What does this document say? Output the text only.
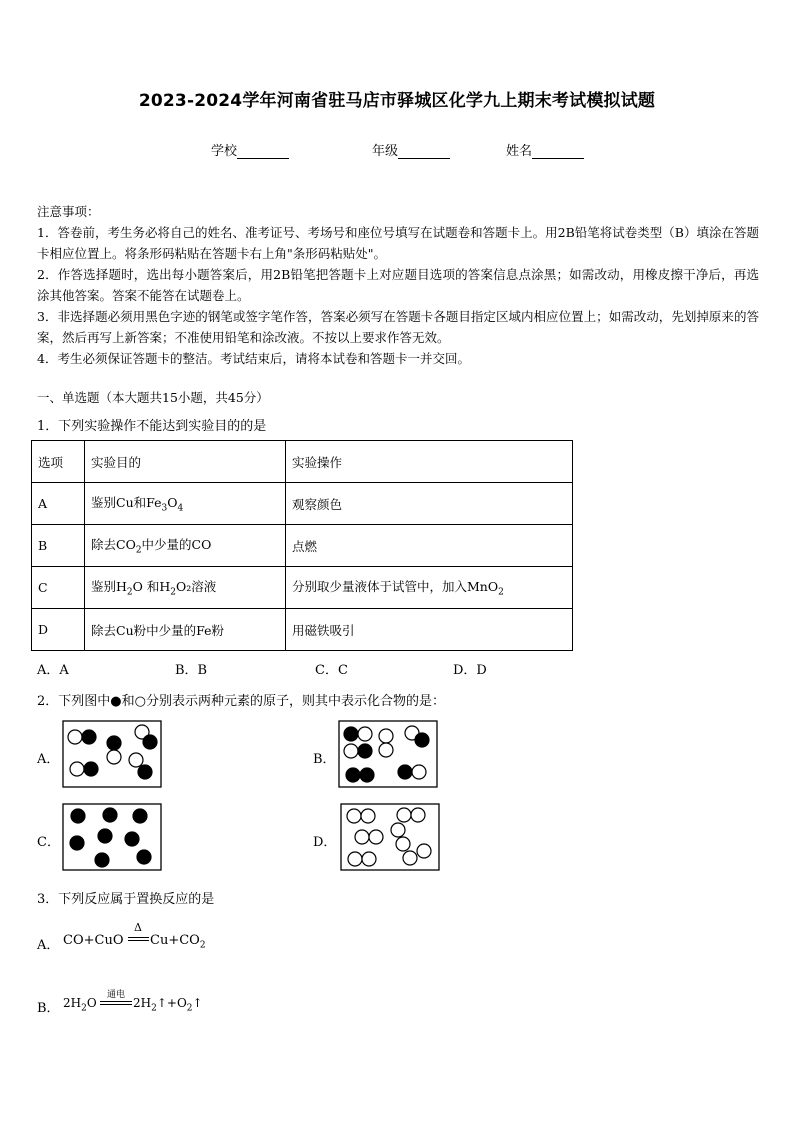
2023-2024学年河南省驻马店市驿城区化学九上期末考试模拟试题
学校	年级	姓名

注意事项：

1．答卷前，考生务必将自己的姓名、准考证号、考场号和座位号填写在试题卷和答题卡上。用2B铅笔将试卷类型（B）填涂在答题卡相应位置上。将条形码粘贴在答题卡右上角"条形码粘贴处"。

2．作答选择题时，选出每小题答案后，用2B铅笔把答题卡上对应题目选项的答案信息点涂黑；如需改动，用橡皮擦干净后，再选涂其他答案。答案不能答在试题卷上。

3．非选择题必须用黑色字迹的钢笔或签字笔作答，答案必须写在答题卡各题目指定区域内相应位置上；如需改动，先划掉原来的答案，然后再写上新答案；不准使用铅笔和涂改液。不按以上要求作答无效。

4．考生必须保证答题卡的整洁。考试结束后，请将本试卷和答题卡一并交回。

一、单选题（本大题共15小题，共45分）
1．下列实验操作不能达到实验目的的是
选项	实验目的	实验操作
A	鉴别Cu和$Fe_3O_4$	观察颜色
B	除去$CO_2$中少量的CO	点燃
C	鉴别$H_2O$ 和$H_2O_2$溶液	分别取少量液体于试管中，加入MnO$_2$
D	除去Cu粉中少量的Fe粉	用磁铁吸引
A．A	B．B	C．C	D．D
2．下列图中●和○分别表示两种元素的原子，则其中表示化合物的是：
A．	B．
C．	D．
3．下列反应属于置换反应的是
A． CO+CuO
Δ
$Cu+CO_2$
B． $2H_2O$
通电
$2H_2↑+O_2↑$
